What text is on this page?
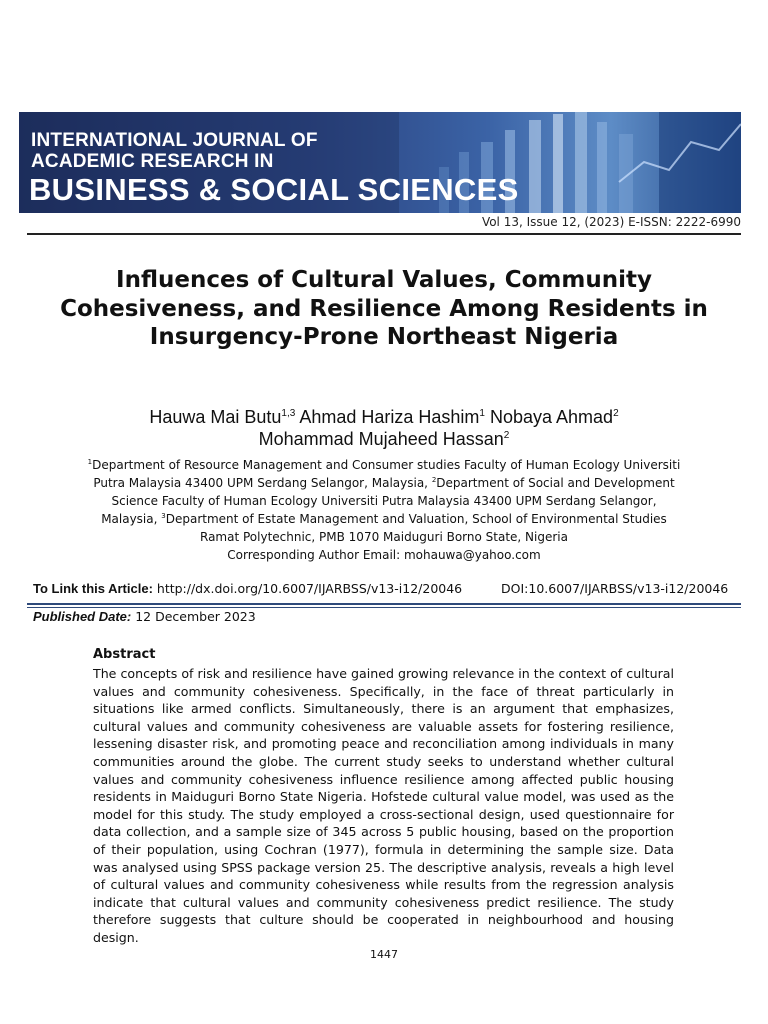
INTERNATIONAL JOURNAL OF
ACADEMIC RESEARCH IN
BUSINESS & SOCIAL SCIENCES
Vol 13, Issue 12, (2023) E-ISSN: 2222-6990
Influences of Cultural Values, Community Cohesiveness, and Resilience Among Residents in Insurgency-Prone Northeast Nigeria
Hauwa Mai Butu$^{1,3}$ Ahmad Hariza Hashim$^1$ Nobaya Ahmad$^2$
Mohammad Mujaheed Hassan$^2$
$^1$Department of Resource Management and Consumer studies Faculty of Human Ecology Universiti Putra Malaysia 43400 UPM Serdang Selangor, Malaysia, $^2$Department of Social and Development Science Faculty of Human Ecology Universiti Putra Malaysia 43400 UPM Serdang Selangor, Malaysia, $^3$Department of Estate Management and Valuation, School of Environmental Studies Ramat Polytechnic, PMB 1070 Maiduguri Borno State, Nigeria
Corresponding Author Email: mohauwa@yahoo.com
To Link this Article: http://dx.doi.org/10.6007/IJARBSS/v13-i12/20046	DOI:10.6007/IJARBSS/v13-i12/20046
Published Date: 12 December 2023
Abstract
The concepts of risk and resilience have gained growing relevance in the context of cultural values and community cohesiveness. Specifically, in the face of threat particularly in situations like armed conflicts. Simultaneously, there is an argument that emphasizes, cultural values and community cohesiveness are valuable assets for fostering resilience, lessening disaster risk, and promoting peace and reconciliation among individuals in many communities around the globe. The current study seeks to understand whether cultural values and community cohesiveness influence resilience among affected public housing residents in Maiduguri Borno State Nigeria. Hofstede cultural value model, was used as the model for this study. The study employed a cross-sectional design, used questionnaire for data collection, and a sample size of 345 across 5 public housing, based on the proportion of their population, using Cochran (1977), formula in determining the sample size. Data was analysed using SPSS package version 25. The descriptive analysis, reveals a high level of cultural values and community cohesiveness while results from the regression analysis indicate that cultural values and community cohesiveness predict resilience. The study therefore suggests that culture should be cooperated in neighbourhood and housing design.
1447
